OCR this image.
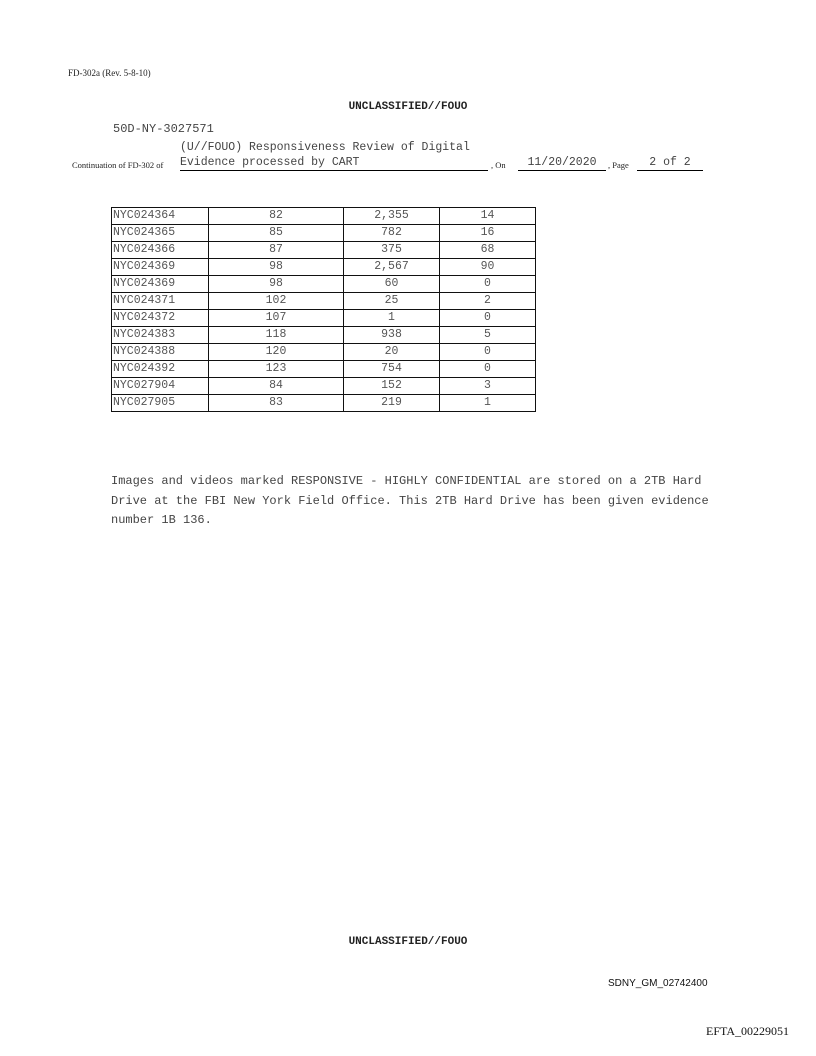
FD-302a (Rev. 5-8-10)
UNCLASSIFIED//FOUO
50D-NY-3027571
(U//FOUO) Responsiveness Review of Digital
Continuation of FD-302 of Evidence processed by CART	, On	11/20/2020	, Page	2 of 2
NYC024364	82	2,355	14
NYC024365	85	782	16
NYC024366	87	375	68
NYC024369	98	2,567	90
NYC024369	98	60	0
NYC024371	102	25	2
NYC024372	107	1	0
NYC024383	118	938	5
NYC024388	120	20	0
NYC024392	123	754	0
NYC027904	84	152	3
NYC027905	83	219	1
Images and videos marked RESPONSIVE - HIGHLY CONFIDENTIAL are stored on a 2TB Hard Drive at the FBI New York Field Office. This 2TB Hard Drive has been given evidence number 1B 136.
UNCLASSIFIED//FOUO
SDNY_GM_02742400
EFTA_00229051
